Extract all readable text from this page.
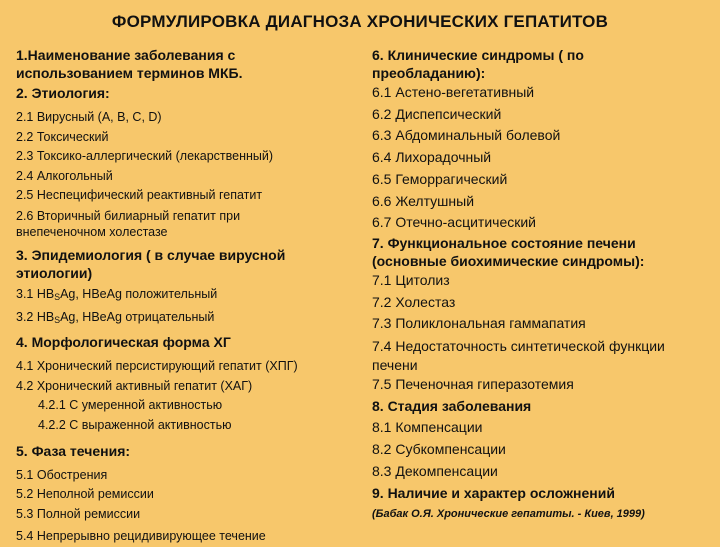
ФОРМУЛИРОВКА ДИАГНОЗА ХРОНИЧЕСКИХ ГЕПАТИТОВ
1.Наименование заболевания с
использованием терминов МКБ.
2. Этиология:
2.1 Вирусный (A, B, C, D)
2.2 Токсический
2.3 Токсико-аллергический (лекарственный)
2.4 Алкогольный
2.5 Неспецифический реактивный гепатит
2.6 Вторичный билиарный гепатит при
внепеченочном холестазе
3. Эпидемиология ( в случае вирусной
этиологии)
3.1 $HB_SAg$, HBeAg положительный
3.2 $HB_SAg$, HBeAg отрицательный
4. Морфологическая форма ХГ
4.1 Хронический персистирующий гепатит (ХПГ)
4.2 Хронический активный гепатит (ХАГ)
4.2.1 С умеренной активностью
4.2.2 С выраженной активностью
5. Фаза течения:
5.1 Обострения
5.2 Неполной ремиссии
5.3 Полной ремиссии
5.4 Непрерывно рецидивирующее течение
6. Клинические синдромы ( по
преобладанию):
6.1 Астено-вегетативный
6.2 Диспепсический
6.3 Абдоминальный болевой
6.4 Лихорадочный
6.5 Геморрагический
6.6 Желтушный
6.7 Отечно-асцитический
7. Функциональное состояние печени
(основные биохимические синдромы):
7.1 Цитолиз
7.2 Холестаз
7.3 Поликлональная гаммапатия
7.4 Недостаточность синтетической функции
печени
7.5 Печеночная гиперазотемия
8. Стадия заболевания
8.1 Компенсации
8.2 Субкомпенсации
8.3 Декомпенсации
9. Наличие и характер осложнений
(Бабак О.Я. Хронические гепатиты. - Киев, 1999)
